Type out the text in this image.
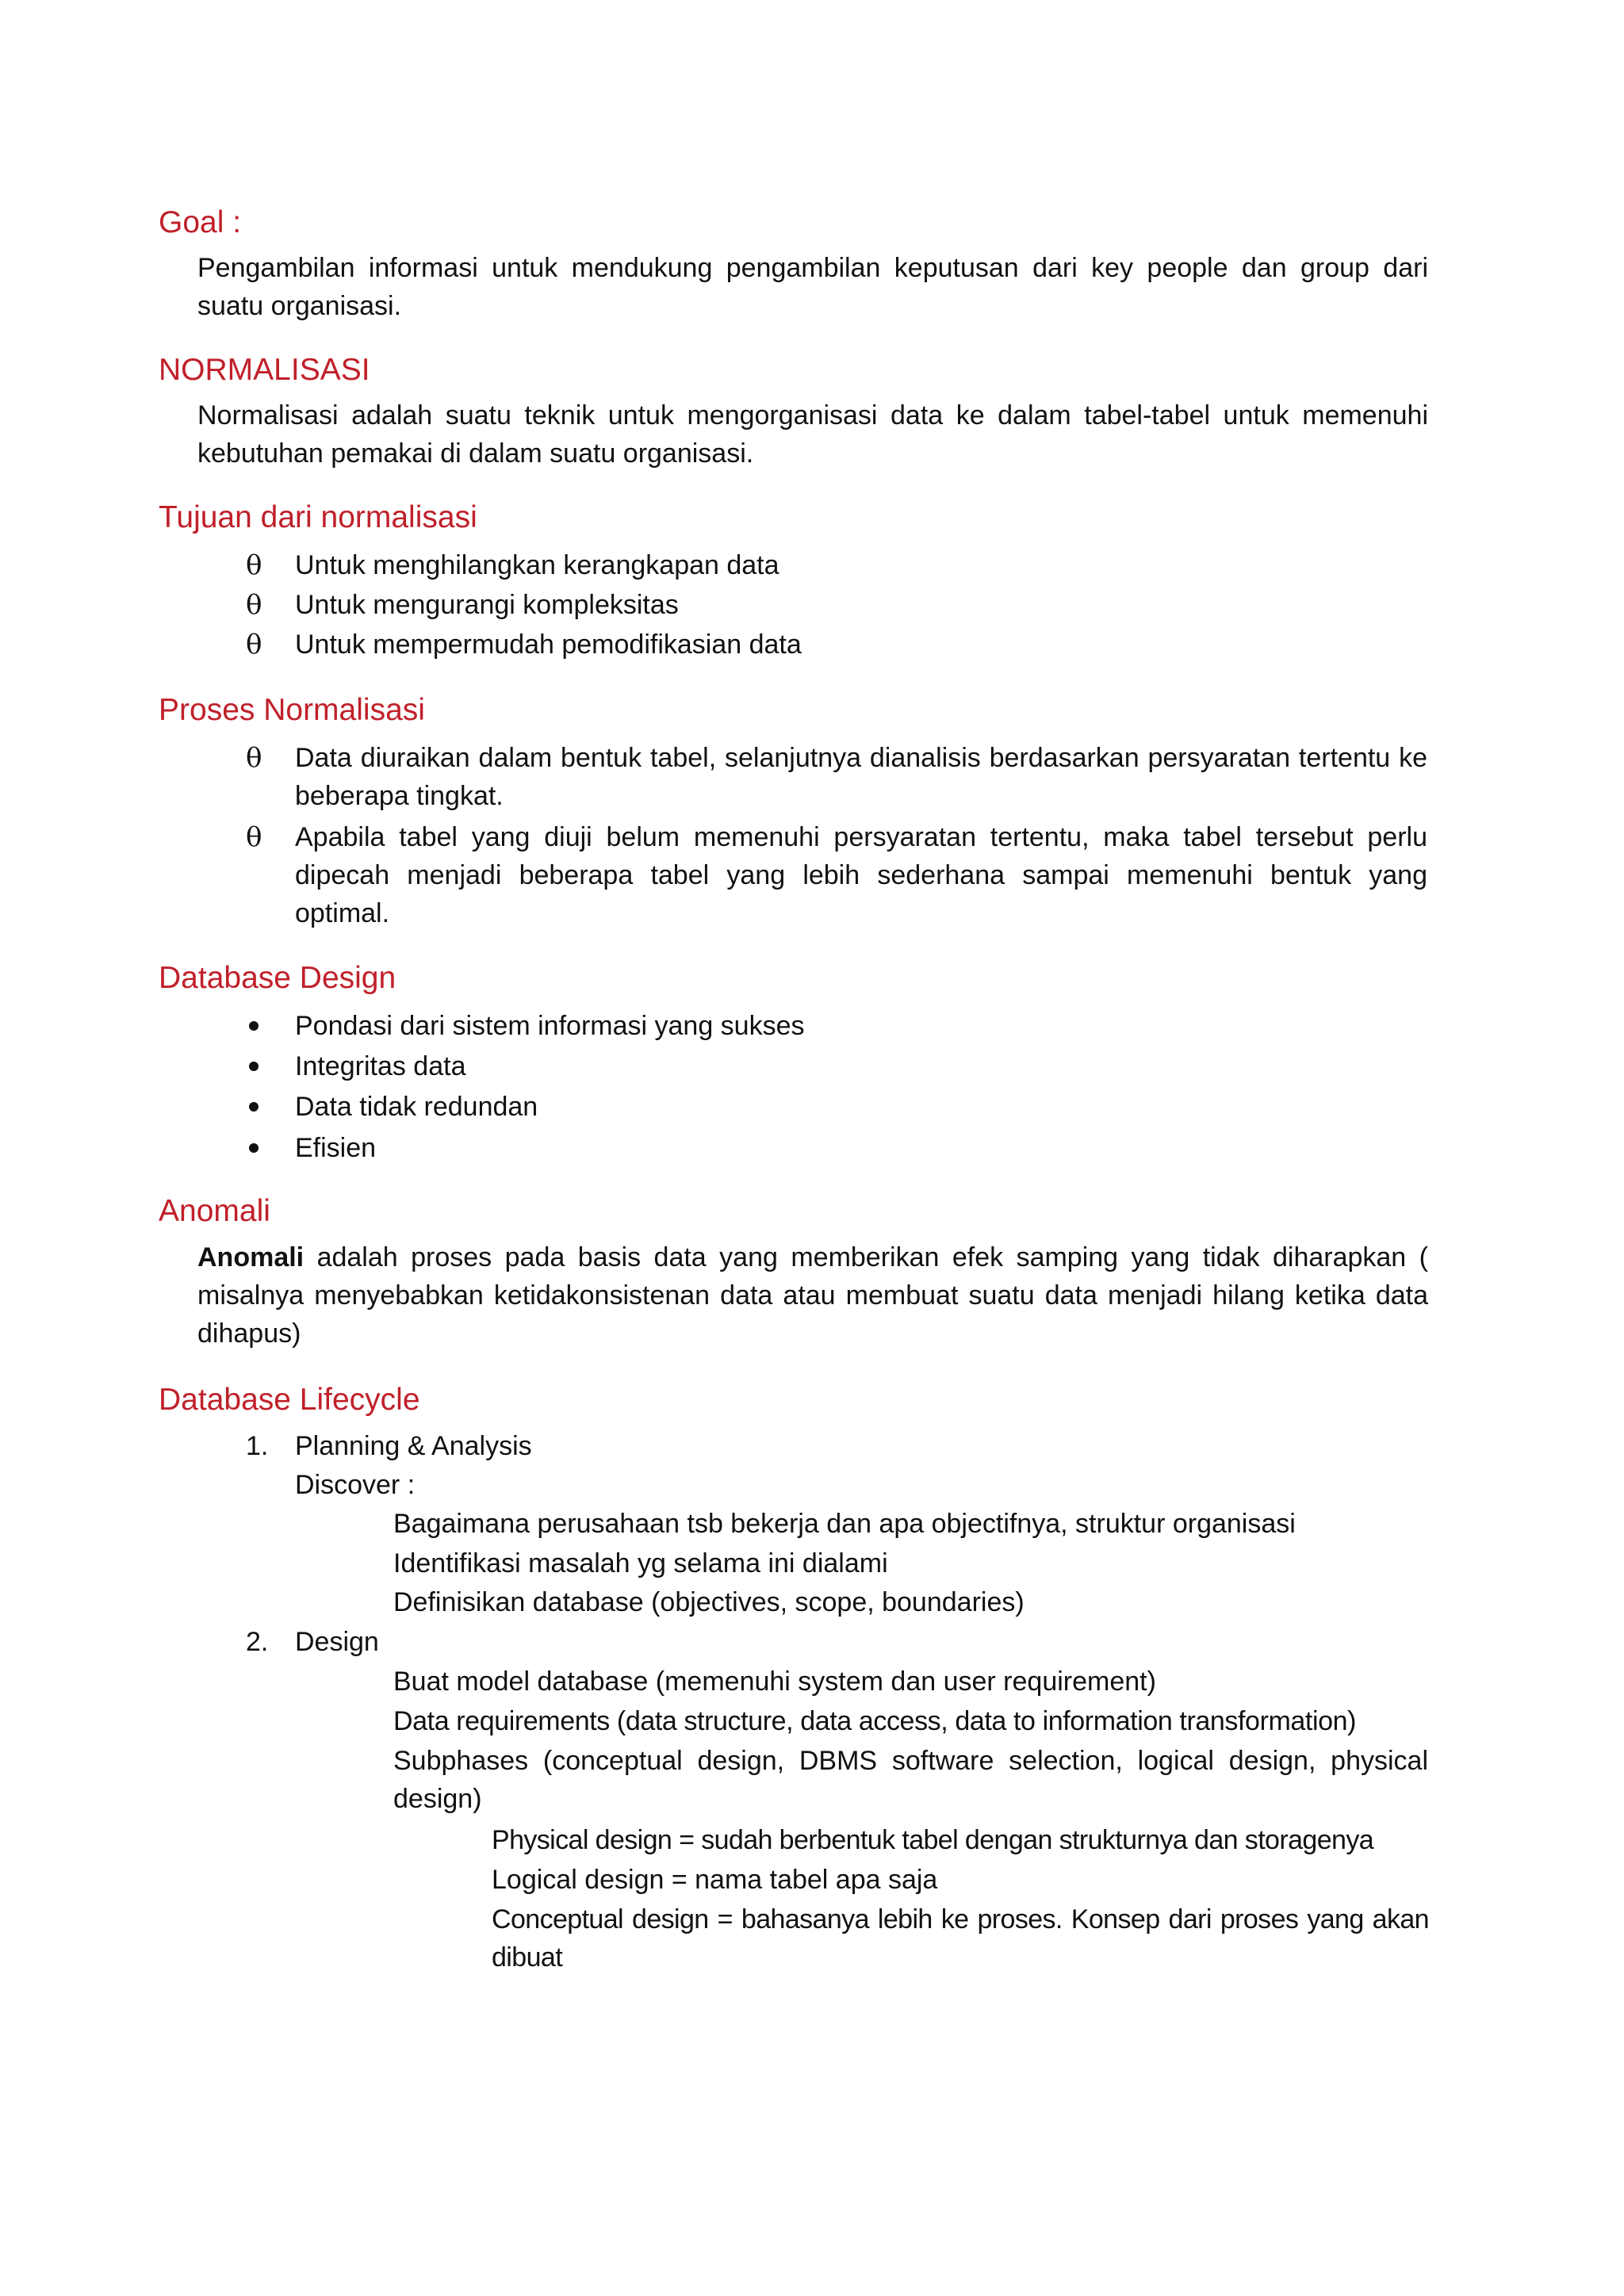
Goal :

Pengambilan informasi untuk mendukung pengambilan keputusan dari key people dan group dari suatu organisasi.

NORMALISASI

Normalisasi adalah suatu teknik untuk mengorganisasi data ke dalam tabel-tabel untuk memenuhi kebutuhan pemakai di dalam suatu organisasi.

Tujuan dari normalisasi
θ	Untuk menghilangkan kerangkapan data
θ	Untuk mengurangi kompleksitas
θ	Untuk mempermudah pemodifikasian data
Proses Normalisasi
θ Data diuraikan dalam bentuk tabel, selanjutnya dianalisis berdasarkan persyaratan tertentu ke beberapa tingkat.
θ Apabila tabel yang diuji belum memenuhi persyaratan tertentu, maka tabel tersebut perlu dipecah menjadi beberapa tabel yang lebih sederhana sampai memenuhi bentuk yang optimal.
Database Design
Pondasi dari sistem informasi yang sukses
Integritas data
Data tidak redundan
Efisien
Anomali

Anomali adalah proses pada basis data yang memberikan efek samping yang tidak diharapkan ( misalnya menyebabkan ketidakonsistenan data atau membuat suatu data menjadi hilang ketika data dihapus)

Database Lifecycle
1. Planning & Analysis
Discover :
Bagaimana perusahaan tsb bekerja dan apa objectifnya, struktur organisasi
Identifikasi masalah yg selama ini dialami
Definisikan database (objectives, scope, boundaries)
2. Design
Buat model database (memenuhi system dan user requirement)
Data requirements (data structure, data access, data to information transformation)
Subphases (conceptual design, DBMS software selection, logical design, physical design)
Physical design = sudah berbentuk tabel dengan strukturnya dan storagenya
Logical design = nama tabel apa saja
Conceptual design = bahasanya lebih ke proses. Konsep dari proses yang akan dibuat
